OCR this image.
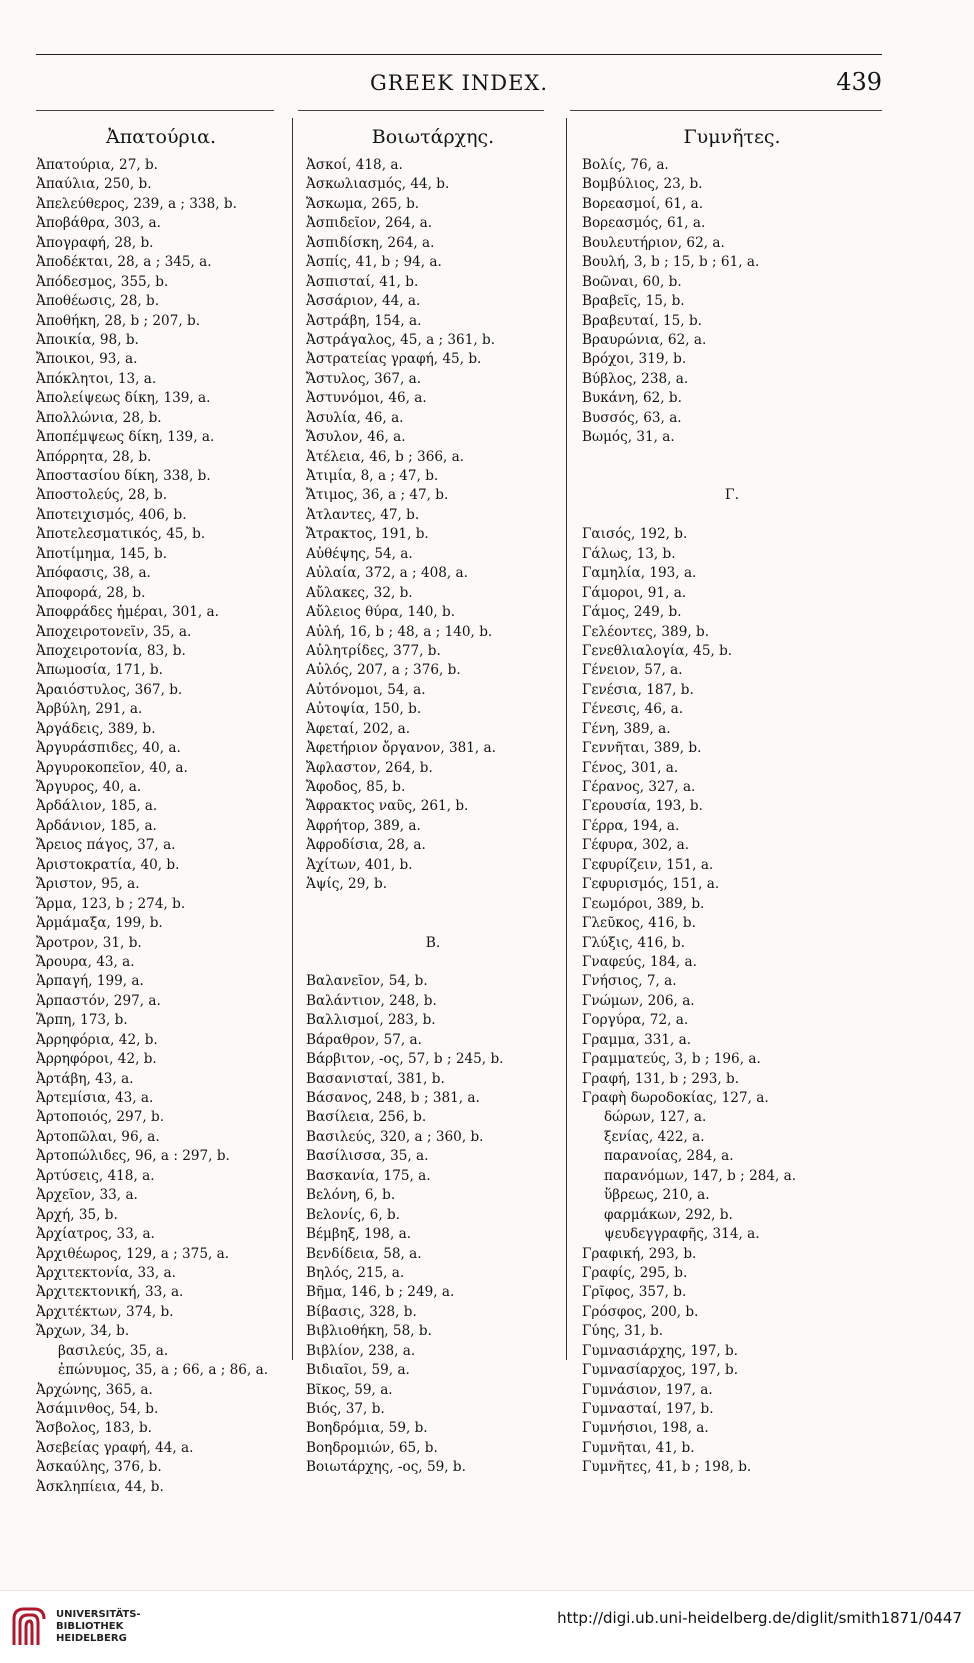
GREEK INDEX.	439
Ἀπατούρια.
Ἀπατούρια, 27, b.
Ἀπαύλια, 250, b.
Ἀπελεύθερος, 239, a ; 338, b.
Ἀποβάθρα, 303, a.
Ἀπογραφή, 28, b.
Ἀποδέκται, 28, a ; 345, a.
Ἀπόδεσμος, 355, b.
Ἀποθέωσις, 28, b.
Ἀποθήκη, 28, b ; 207, b.
Ἀποικία, 98, b.
Ἄποικοι, 93, a.
Ἀπόκλητοι, 13, a.
Ἀπολείψεως δίκη, 139, a.
Ἀπολλώνια, 28, b.
Ἀποπέμψεως δίκη, 139, a.
Ἀπόρρητα, 28, b.
Ἀποστασίου δίκη, 338, b.
Ἀποστολεύς, 28, b.
Ἀποτειχισμός, 406, b.
Ἀποτελεσματικός, 45, b.
Ἀποτίμημα, 145, b.
Ἀπόφασις, 38, a.
Ἀποφορά, 28, b.
Ἀποφράδες ἡμέραι, 301, a.
Ἀποχειροτονεῖν, 35, a.
Ἀποχειροτονία, 83, b.
Ἀπωμοσία, 171, b.
Ἀραιόστυλος, 367, b.
Ἀρβύλη, 291, a.
Ἀργάδεις, 389, b.
Ἀργυράσπιδες, 40, a.
Ἀργυροκοπεῖον, 40, a.
Ἄργυρος, 40, a.
Ἀρδάλιον, 185, a.
Ἀρδάνιον, 185, a.
Ἄρειος πάγος, 37, a.
Ἀριστοκρατία, 40, b.
Ἄριστον, 95, a.
Ἅρμα, 123, b ; 274, b.
Ἁρμάμαξα, 199, b.
Ἄροτρον, 31, b.
Ἄρουρα, 43, a.
Ἁρπαγή, 199, a.
Ἁρπαστόν, 297, a.
Ἅρπη, 173, b.
Ἀρρηφόρια, 42, b.
Ἀρρηφόροι, 42, b.
Ἀρτάβη, 43, a.
Ἀρτεμίσια, 43, a.
Ἀρτοποιός, 297, b.
Ἀρτοπῶλαι, 96, a.
Ἀρτοπώλιδες, 96, a : 297, b.
Ἀρτύσεις, 418, a.
Ἀρχεῖον, 33, a.
Ἀρχή, 35, b.
Ἀρχίατρος, 33, a.
Ἀρχιθέωρος, 129, a ; 375, a.
Ἀρχιτεκτονία, 33, a.
Ἀρχιτεκτονική, 33, a.
Ἀρχιτέκτων, 374, b.
Ἄρχων, 34, b.
βασιλεύς, 35, a.
ἐπώνυμος, 35, a ; 66, a ; 86, a.
Ἀρχώνης, 365, a.
Ἀσάμινθος, 54, b.
Ἄσβολος, 183, b.
Ἀσεβείας γραφή, 44, a.
Ἀσκαύλης, 376, b.
Ἀσκληπίεια, 44, b.
Βοιωτάρχης.
Ἀσκοί, 418, a.
Ἀσκωλιασμός, 44, b.
Ἄσκωμα, 265, b.
Ἀσπιδεῖον, 264, a.
Ἀσπιδίσκη, 264, a.
Ἀσπίς, 41, b ; 94, a.
Ἀσπισταί, 41, b.
Ἀσσάριον, 44, a.
Ἀστράβη, 154, a.
Ἀστράγαλος, 45, a ; 361, b.
Ἀστρατείας γραφή, 45, b.
Ἄστυλος, 367, a.
Ἀστυνόμοι, 46, a.
Ἀσυλία, 46, a.
Ἄσυλον, 46, a.
Ἀτέλεια, 46, b ; 366, a.
Ἀτιμία, 8, a ; 47, b.
Ἄτιμος, 36, a ; 47, b.
Ἀτλαντες, 47, b.
Ἄτρακτος, 191, b.
Αὐθέψης, 54, a.
Αὐλαία, 372, a ; 408, a.
Αὔλακες, 32, b.
Αὔλειος θύρα, 140, b.
Αὐλή, 16, b ; 48, a ; 140, b.
Αὐλητρίδες, 377, b.
Αὐλός, 207, a ; 376, b.
Αὐτόνομοι, 54, a.
Αὐτοψία, 150, b.
Ἀφεταί, 202, a.
Ἀφετήριον ὄργανον, 381, a.
Ἄφλαστον, 264, b.
Ἄφοδος, 85, b.
Ἄφρακτος ναῦς, 261, b.
Ἀφρήτορ, 389, a.
Ἀφροδίσια, 28, a.
Ἀχίτων, 401, b.
Ἁψίς, 29, b.
B.
Βαλανεῖον, 54, b.
Βαλάντιον, 248, b.
Βαλλισμοί, 283, b.
Βάραθρον, 57, a.
Βάρβιτον, -ος, 57, b ; 245, b.
Βασανισταί, 381, b.
Βάσανος, 248, b ; 381, a.
Βασίλεια, 256, b.
Βασιλεύς, 320, a ; 360, b.
Βασίλισσα, 35, a.
Βασκανία, 175, a.
Βελόνη, 6, b.
Βελονίς, 6, b.
Βέμβηξ, 198, a.
Βενδίδεια, 58, a.
Βηλός, 215, a.
Βῆμα, 146, b ; 249, a.
Βίβασις, 328, b.
Βιβλιοθήκη, 58, b.
Βιβλίον, 238, a.
Βιδιαῖοι, 59, a.
Βῖκος, 59, a.
Βιός, 37, b.
Βοηδρόμια, 59, b.
Βοηδρομιών, 65, b.
Βοιωτάρχης, -ος, 59, b.
Γυμνῆτες.
Βολίς, 76, a.
Βομβύλιος, 23, b.
Βορεασμοί, 61, a.
Βορεασμός, 61, a.
Βουλευτήριον, 62, a.
Βουλή, 3, b ; 15, b ; 61, a.
Βοῶναι, 60, b.
Βραβεῖς, 15, b.
Βραβευταί, 15, b.
Βραυρώνια, 62, a.
Βρόχοι, 319, b.
Βύβλος, 238, a.
Βυκάνη, 62, b.
Βυσσός, 63, a.
Βωμός, 31, a.
Γ.
Γαισός, 192, b.
Γάλως, 13, b.
Γαμηλία, 193, a.
Γάμοροι, 91, a.
Γάμος, 249, b.
Γελέοντες, 389, b.
Γενεθλιαλογία, 45, b.
Γένειον, 57, a.
Γενέσια, 187, b.
Γένεσις, 46, a.
Γένη, 389, a.
Γεννῆται, 389, b.
Γένος, 301, a.
Γέρανος, 327, a.
Γερουσία, 193, b.
Γέρρα, 194, a.
Γέφυρα, 302, a.
Γεφυρίζειν, 151, a.
Γεφυρισμός, 151, a.
Γεωμόροι, 389, b.
Γλεῦκος, 416, b.
Γλύξις, 416, b.
Γναφεύς, 184, a.
Γνήσιος, 7, a.
Γνώμων, 206, a.
Γοργύρα, 72, a.
Γραμμα, 331, a.
Γραμματεύς, 3, b ; 196, a.
Γραφή, 131, b ; 293, b.
Γραφὴ δωροδοκίας, 127, a.
δώρων, 127, a.
ξενίας, 422, a.
παρανοίας, 284, a.
παρανόμων, 147, b ; 284, a.
ὕβρεως, 210, a.
φαρμάκων, 292, b.
ψευδεγγραφῆς, 314, a.
Γραφική, 293, b.
Γραφίς, 295, b.
Γρῖφος, 357, b.
Γρόσφος, 200, b.
Γύης, 31, b.
Γυμνασιάρχης, 197, b.
Γυμνασίαρχος, 197, b.
Γυμνάσιον, 197, a.
Γυμνασταί, 197, b.
Γυμνήσιοι, 198, a.
Γυμνῆται, 41, b.
Γυμνῆτες, 41, b ; 198, b.
UNIVERSITÄTS-
BIBLIOTHEK
HEIDELBERG
http://digi.ub.uni-heidelberg.de/diglit/smith1871/0447
